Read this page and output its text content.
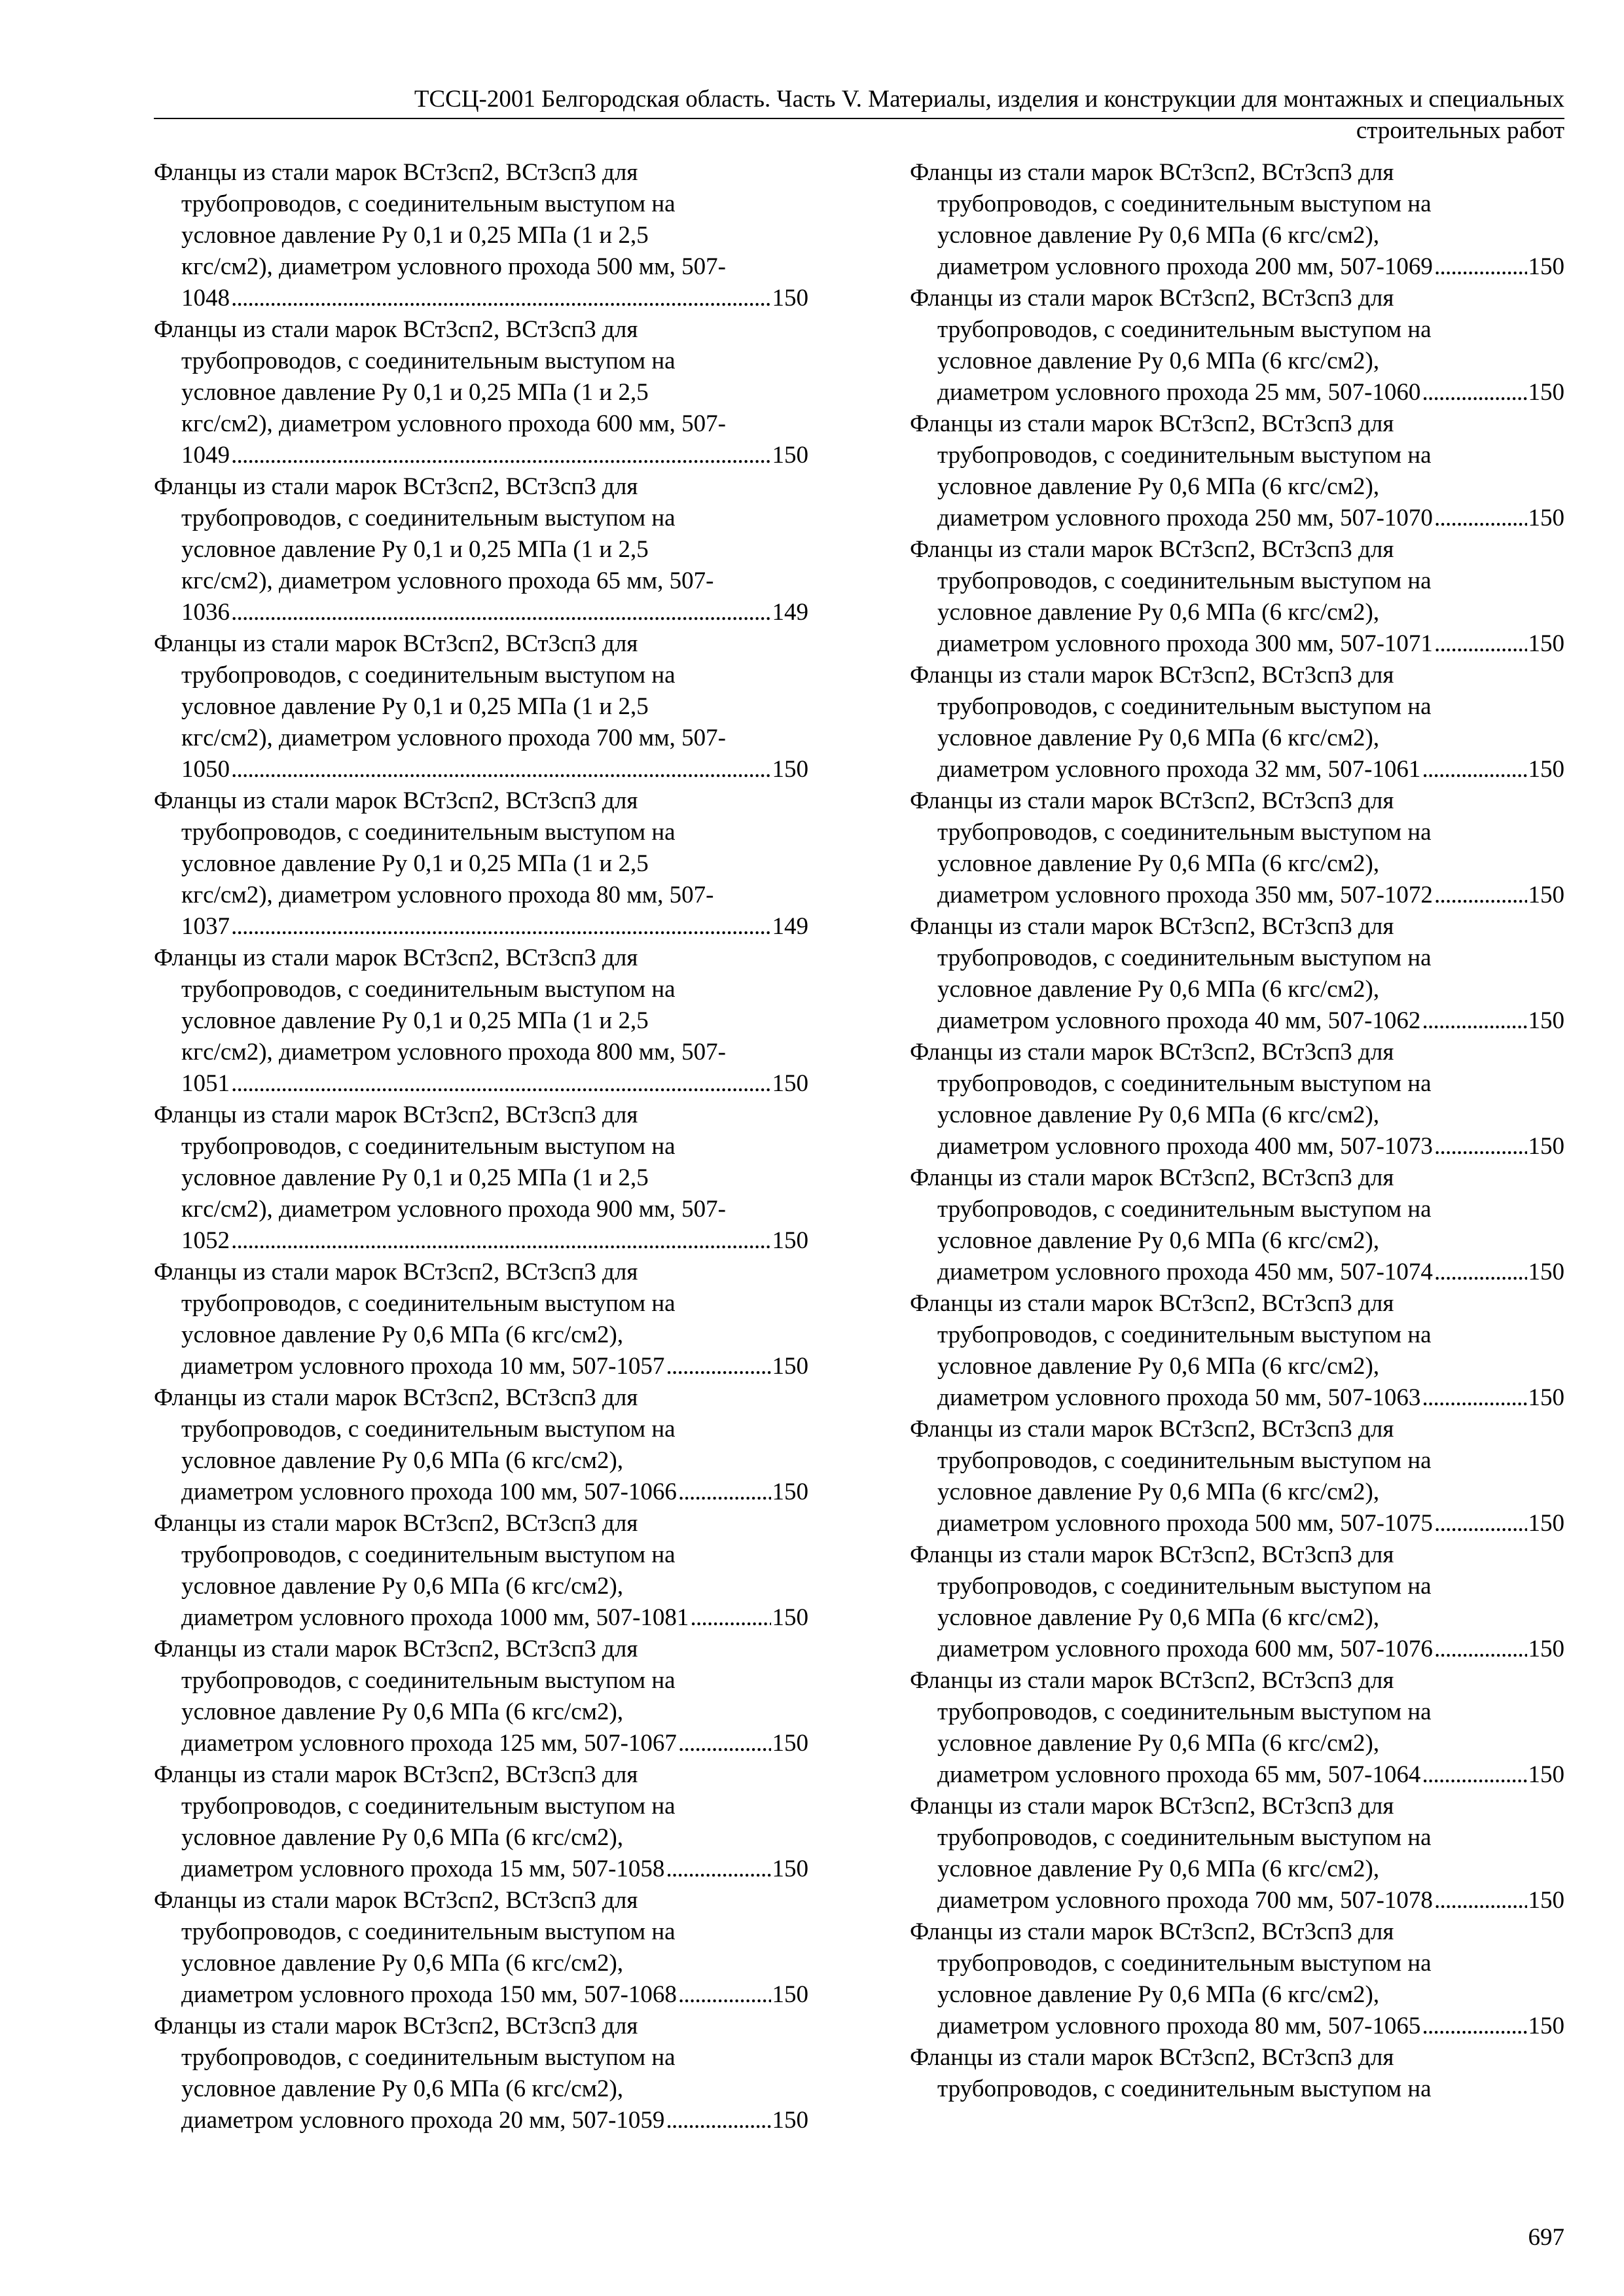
ТССЦ-2001 Белгородская область. Часть V. Материалы, изделия и конструкции для монтажных и специальных
строительных работ
Фланцы из стали марок ВСт3сп2, ВСт3сп3 для
трубопроводов, с соединительным выступом на
условное давление Ру 0,1 и 0,25 МПа (1 и 2,5
кгс/см2), диаметром условного прохода 500 мм, 507-
1048 . . .	150
Фланцы из стали марок ВСт3сп2, ВСт3сп3 для
трубопроводов, с соединительным выступом на
условное давление Ру 0,1 и 0,25 МПа (1 и 2,5
кгс/см2), диаметром условного прохода 600 мм, 507-
1049 . . .	150
Фланцы из стали марок ВСт3сп2, ВСт3сп3 для
трубопроводов, с соединительным выступом на
условное давление Ру 0,1 и 0,25 МПа (1 и 2,5
кгс/см2), диаметром условного прохода 65 мм, 507-
1036 . . .	149
Фланцы из стали марок ВСт3сп2, ВСт3сп3 для
трубопроводов, с соединительным выступом на
условное давление Ру 0,1 и 0,25 МПа (1 и 2,5
кгс/см2), диаметром условного прохода 700 мм, 507-
1050 . . .	150
Фланцы из стали марок ВСт3сп2, ВСт3сп3 для
трубопроводов, с соединительным выступом на
условное давление Ру 0,1 и 0,25 МПа (1 и 2,5
кгс/см2), диаметром условного прохода 80 мм, 507-
1037 . . .	149
Фланцы из стали марок ВСт3сп2, ВСт3сп3 для
трубопроводов, с соединительным выступом на
условное давление Ру 0,1 и 0,25 МПа (1 и 2,5
кгс/см2), диаметром условного прохода 800 мм, 507-
1051 . . .	150
Фланцы из стали марок ВСт3сп2, ВСт3сп3 для
трубопроводов, с соединительным выступом на
условное давление Ру 0,1 и 0,25 МПа (1 и 2,5
кгс/см2), диаметром условного прохода 900 мм, 507-
1052 . . .	150
Фланцы из стали марок ВСт3сп2, ВСт3сп3 для
трубопроводов, с соединительным выступом на
условное давление Ру 0,6 МПа (6 кгс/см2),
диаметром условного прохода 10 мм, 507-1057 . . .	150
Фланцы из стали марок ВСт3сп2, ВСт3сп3 для
трубопроводов, с соединительным выступом на
условное давление Ру 0,6 МПа (6 кгс/см2),
диаметром условного прохода 100 мм, 507-1066 . . .	150
Фланцы из стали марок ВСт3сп2, ВСт3сп3 для
трубопроводов, с соединительным выступом на
условное давление Ру 0,6 МПа (6 кгс/см2),
диаметром условного прохода 1000 мм, 507-1081 . . .	150
Фланцы из стали марок ВСт3сп2, ВСт3сп3 для
трубопроводов, с соединительным выступом на
условное давление Ру 0,6 МПа (6 кгс/см2),
диаметром условного прохода 125 мм, 507-1067 . . .	150
Фланцы из стали марок ВСт3сп2, ВСт3сп3 для
трубопроводов, с соединительным выступом на
условное давление Ру 0,6 МПа (6 кгс/см2),
диаметром условного прохода 15 мм, 507-1058 . . .	150
Фланцы из стали марок ВСт3сп2, ВСт3сп3 для
трубопроводов, с соединительным выступом на
условное давление Ру 0,6 МПа (6 кгс/см2),
диаметром условного прохода 150 мм, 507-1068 . . .	150
Фланцы из стали марок ВСт3сп2, ВСт3сп3 для
трубопроводов, с соединительным выступом на
условное давление Ру 0,6 МПа (6 кгс/см2),
диаметром условного прохода 20 мм, 507-1059 . . .	150
Фланцы из стали марок ВСт3сп2, ВСт3сп3 для
трубопроводов, с соединительным выступом на
условное давление Ру 0,6 МПа (6 кгс/см2),
диаметром условного прохода 200 мм, 507-1069 . . .	150
Фланцы из стали марок ВСт3сп2, ВСт3сп3 для
трубопроводов, с соединительным выступом на
условное давление Ру 0,6 МПа (6 кгс/см2),
диаметром условного прохода 25 мм, 507-1060 . . .	150
Фланцы из стали марок ВСт3сп2, ВСт3сп3 для
трубопроводов, с соединительным выступом на
условное давление Ру 0,6 МПа (6 кгс/см2),
диаметром условного прохода 250 мм, 507-1070 . . .	150
Фланцы из стали марок ВСт3сп2, ВСт3сп3 для
трубопроводов, с соединительным выступом на
условное давление Ру 0,6 МПа (6 кгс/см2),
диаметром условного прохода 300 мм, 507-1071 . . .	150
Фланцы из стали марок ВСт3сп2, ВСт3сп3 для
трубопроводов, с соединительным выступом на
условное давление Ру 0,6 МПа (6 кгс/см2),
диаметром условного прохода 32 мм, 507-1061 . . .	150
Фланцы из стали марок ВСт3сп2, ВСт3сп3 для
трубопроводов, с соединительным выступом на
условное давление Ру 0,6 МПа (6 кгс/см2),
диаметром условного прохода 350 мм, 507-1072 . . .	150
Фланцы из стали марок ВСт3сп2, ВСт3сп3 для
трубопроводов, с соединительным выступом на
условное давление Ру 0,6 МПа (6 кгс/см2),
диаметром условного прохода 40 мм, 507-1062 . . .	150
Фланцы из стали марок ВСт3сп2, ВСт3сп3 для
трубопроводов, с соединительным выступом на
условное давление Ру 0,6 МПа (6 кгс/см2),
диаметром условного прохода 400 мм, 507-1073 . . .	150
Фланцы из стали марок ВСт3сп2, ВСт3сп3 для
трубопроводов, с соединительным выступом на
условное давление Ру 0,6 МПа (6 кгс/см2),
диаметром условного прохода 450 мм, 507-1074 . . .	150
Фланцы из стали марок ВСт3сп2, ВСт3сп3 для
трубопроводов, с соединительным выступом на
условное давление Ру 0,6 МПа (6 кгс/см2),
диаметром условного прохода 50 мм, 507-1063 . . .	150
Фланцы из стали марок ВСт3сп2, ВСт3сп3 для
трубопроводов, с соединительным выступом на
условное давление Ру 0,6 МПа (6 кгс/см2),
диаметром условного прохода 500 мм, 507-1075 . . .	150
Фланцы из стали марок ВСт3сп2, ВСт3сп3 для
трубопроводов, с соединительным выступом на
условное давление Ру 0,6 МПа (6 кгс/см2),
диаметром условного прохода 600 мм, 507-1076 . . .	150
Фланцы из стали марок ВСт3сп2, ВСт3сп3 для
трубопроводов, с соединительным выступом на
условное давление Ру 0,6 МПа (6 кгс/см2),
диаметром условного прохода 65 мм, 507-1064 . . .	150
Фланцы из стали марок ВСт3сп2, ВСт3сп3 для
трубопроводов, с соединительным выступом на
условное давление Ру 0,6 МПа (6 кгс/см2),
диаметром условного прохода 700 мм, 507-1078 . . .	150
Фланцы из стали марок ВСт3сп2, ВСт3сп3 для
трубопроводов, с соединительным выступом на
условное давление Ру 0,6 МПа (6 кгс/см2),
диаметром условного прохода 80 мм, 507-1065 . . .	150
Фланцы из стали марок ВСт3сп2, ВСт3сп3 для
трубопроводов, с соединительным выступом на
697
